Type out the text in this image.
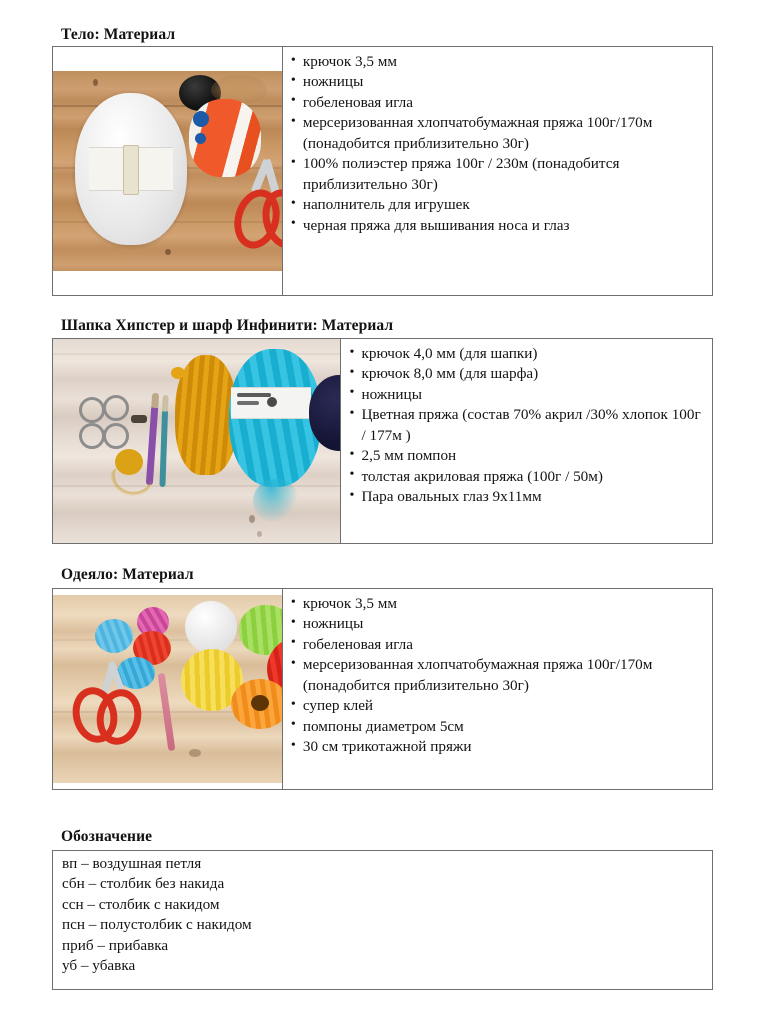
Тело: Материал
• крючок 3,5 мм
• ножницы
• гобеленовая игла
• мерсеризованная хлопчатобумажная пряжа 100г/170м (понадобится приблизительно 30г)
• 100% полиэстер пряжа 100г / 230м (понадобится приблизительно 30г)
• наполнитель для игрушек
• черная пряжа для вышивания носа и глаз
Шапка Хипстер и шарф Инфинити: Материал
• крючок 4,0 мм (для шапки)
• крючок 8,0 мм (для шарфа)
• ножницы
• Цветная пряжа (состав 70% акрил /30% хлопок 100г / 177м )
• 2,5 мм помпон
• толстая акриловая пряжа (100г / 50м)
• Пара овальных глаз 9х11мм
Одеяло: Материал
• крючок 3,5 мм
• ножницы
• гобеленовая игла
• мерсеризованная хлопчатобумажная пряжа 100г/170м (понадобится приблизительно 30г)
• супер клей
• помпоны диаметром 5см
• 30 см трикотажной пряжи
Обозначение
вп – воздушная петля
сбн – столбик без накида
ссн – столбик с накидом
псн – полустолбик с накидом
приб – прибавка
уб – убавка
